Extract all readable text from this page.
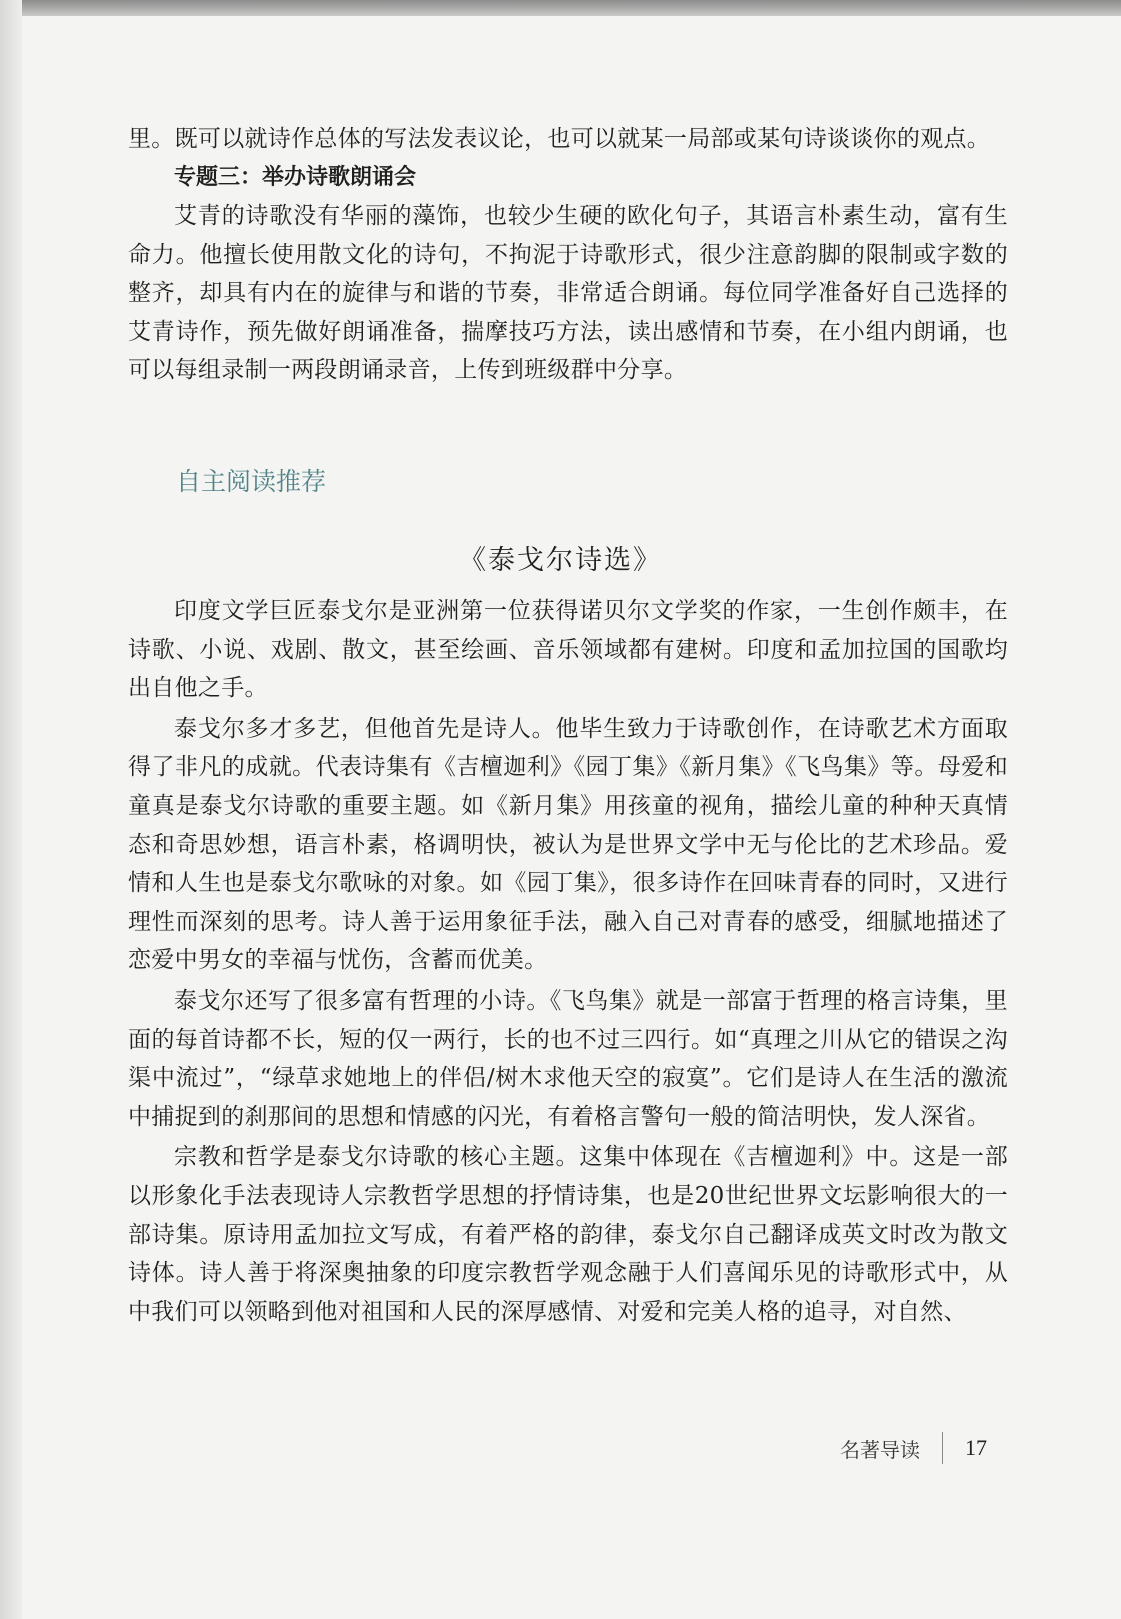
里。既可以就诗作总体的写法发表议论，也可以就某一局部或某句诗谈谈你的观点。

专题三：举办诗歌朗诵会

艾青的诗歌没有华丽的藻饰，也较少生硬的欧化句子，其语言朴素生动，富有生命力。他擅长使用散文化的诗句，不拘泥于诗歌形式，很少注意韵脚的限制或字数的整齐，却具有内在的旋律与和谐的节奏，非常适合朗诵。每位同学准备好自己选择的艾青诗作，预先做好朗诵准备，揣摩技巧方法，读出感情和节奏，在小组内朗诵，也可以每组录制一两段朗诵录音，上传到班级群中分享。

自主阅读推荐
《泰戈尔诗选》

印度文学巨匠泰戈尔是亚洲第一位获得诺贝尔文学奖的作家，一生创作颇丰，在诗歌、小说、戏剧、散文，甚至绘画、音乐领域都有建树。印度和孟加拉国的国歌均出自他之手。

泰戈尔多才多艺，但他首先是诗人。他毕生致力于诗歌创作，在诗歌艺术方面取得了非凡的成就。代表诗集有《吉檀迦利》《园丁集》《新月集》《飞鸟集》等。母爱和童真是泰戈尔诗歌的重要主题。如《新月集》用孩童的视角，描绘儿童的种种天真情态和奇思妙想，语言朴素，格调明快，被认为是世界文学中无与伦比的艺术珍品。爱情和人生也是泰戈尔歌咏的对象。如《园丁集》，很多诗作在回味青春的同时，又进行理性而深刻的思考。诗人善于运用象征手法，融入自己对青春的感受，细腻地描述了恋爱中男女的幸福与忧伤，含蓄而优美。

泰戈尔还写了很多富有哲理的小诗。《飞鸟集》就是一部富于哲理的格言诗集，里面的每首诗都不长，短的仅一两行，长的也不过三四行。如“真理之川从它的错误之沟渠中流过”，“绿草求她地上的伴侣/树木求他天空的寂寞”。它们是诗人在生活的激流中捕捉到的刹那间的思想和情感的闪光，有着格言警句一般的简洁明快，发人深省。

宗教和哲学是泰戈尔诗歌的核心主题。这集中体现在《吉檀迦利》中。这是一部以形象化手法表现诗人宗教哲学思想的抒情诗集，也是20世纪世界文坛影响很大的一部诗集。原诗用孟加拉文写成，有着严格的韵律，泰戈尔自己翻译成英文时改为散文诗体。诗人善于将深奥抽象的印度宗教哲学观念融于人们喜闻乐见的诗歌形式中，从中我们可以领略到他对祖国和人民的深厚感情、对爱和完美人格的追寻，对自然、

名著导读 17
